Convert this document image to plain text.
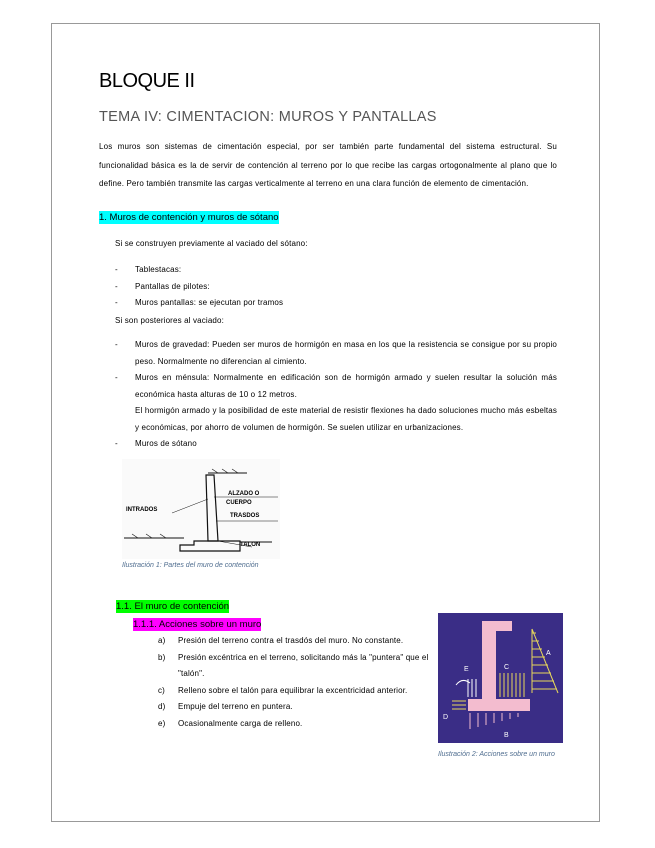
BLOQUE II
TEMA IV: CIMENTACION: MUROS Y PANTALLAS

Los muros son sistemas de cimentación especial, por ser también parte fundamental del sistema estructural. Su funcionalidad básica es la de servir de contención al terreno por lo que recibe las cargas ortogonalmente al plano que lo define. Pero también transmite las cargas verticalmente al terreno en una clara función de elemento de cimentación.

1. Muros de contención y muros de sótano
Si se construyen previamente al vaciado del sótano:
- Tablestacas:
- Pantallas de pilotes:
- Muros pantallas: se ejecutan por tramos
Si son posteriores al vaciado:
- Muros de gravedad: Pueden ser muros de hormigón en masa en los que la resistencia se consigue por su propio peso. Normalmente no diferencian al cimiento.
- Muros en ménsula: Normalmente en edificación son de hormigón armado y suelen resultar la solución más económica hasta alturas de 10 o 12 metros.
El hormigón armado y la posibilidad de este material de resistir flexiones ha dado soluciones mucho más esbeltas y económicas, por ahorro de volumen de hormigón. Se suelen utilizar en urbanizaciones.
- Muros de sótano
INTRADOS
ALZADO O
CUERPO
TRASDOS
TALON
Ilustración 1: Partes del muro de contención
1.1. El muro de contención
1.1.1. Acciones sobre un muro
a) Presión del terreno contra el trasdós del muro. No constante.
b) Presión excéntrica en el terreno, solicitando más la "puntera" que el "talón".
c) Relleno sobre el talón para equilibrar la excentricidad anterior.
d) Empuje del terreno en puntera.
e) Ocasionalmente carga de relleno.
A
B
C
D
E
Ilustración 2: Acciones sobre un muro
